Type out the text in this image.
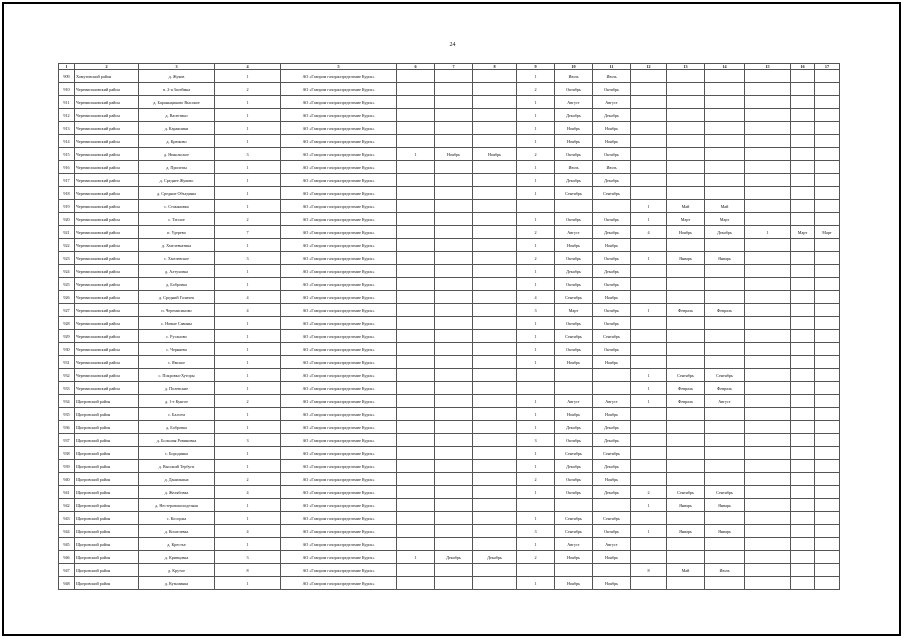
24
1	2	3	4	5	6	7	8	9	10	11	12	13	14	15	16	17
909	Хомутовский район	д. Жуков	1	АО «Газпром газораспределение Курск»				1	Июль	Июль						
910	Черемисиновский район	п. 2-я Засеймка	2	АО «Газпром газораспределение Курск»				2	Октябрь	Октябрь						
911	Черемисиновский район	д. Бараньщиково Высокое	1	АО «Газпром газораспределение Курск»				1	Август	Август						
912	Черемисиновский район	д. Васютино	1	АО «Газпром газораспределение Курск»				1	Декабрь	Декабрь						
913	Черемисиновский район	д. Каракпики	1	АО «Газпром газораспределение Курск»				1	Ноябрь	Ноябрь						
914	Черемисиновский район	д. Крюково	1	АО «Газпром газораспределение Курск»				1	Ноябрь	Ноябрь						
915	Черемисиновский район	д. Никольское	3	АО «Газпром газораспределение Курск»	1	Ноябрь	Ноябрь	2	Октябрь	Октябрь						
916	Черемисиновский район	д. Прилепы	1	АО «Газпром газораспределение Курск»				1	Июль	Июль						
917	Черемисиновский район	д. Среднее Жуково	1	АО «Газпром газораспределение Курск»				1	Декабрь	Декабрь						
918	Черемисиновский район	д. Средние Объедины	1	АО «Газпром газораспределение Курск»				1	Сентябрь	Сентябрь						
919	Черемисиновский район	с. Стакановка	1	АО «Газпром газораспределение Курск»							1	Май	Май			
920	Черемисиновский район	с. Теплое	2	АО «Газпром газораспределение Курск»				1	Октябрь	Октябрь	1	Март	Март			
921	Черемисиновский район	п. Удерево	7	АО «Газпром газораспределение Курск»				2	Август	Декабрь	4	Ноябрь	Декабрь	1	Март	Март
922	Черемисиновский район	д. Хмелевчатика	1	АО «Газпром газораспределение Курск»				1	Ноябрь	Ноябрь						
923	Черемисиновский район	с. Хмелевское	3	АО «Газпром газораспределение Курск»				2	Октябрь	Октябрь	1	Январь	Январь			
924	Черемисиновский район	д. Алтуховка	1	АО «Газпром газораспределение Курск»				1	Декабрь	Декабрь						
925	Черемисиновский район	д. Бобровка	1	АО «Газпром газораспределение Курск»				1	Октябрь	Октябрь						
926	Черемисиновский район	д. Средний Голичек	4	АО «Газпром газораспределение Курск»				4	Сентябрь	Ноябрь						
927	Черемисиновский район	п. Черемисиново	4	АО «Газпром газораспределение Курск»				3	Март	Октябрь	1	Февраль	Февраль			
928	Черемисиновский район	с. Новые Савины	1	АО «Газпром газораспределение Курск»				1	Октябрь	Октябрь						
929	Черемисиновский район	с. Русаново	1	АО «Газпром газораспределение Курск»				1	Сентябрь	Сентябрь						
930	Черемисиновский район	с. Черняева	1	АО «Газпром газораспределение Курск»				1	Октябрь	Октябрь						
931	Черемисиновский район	с. Ямское	1	АО «Газпром газораспределение Курск»				1	Ноябрь	Ноябрь						
932	Черемисиновский район	с. Покровка-Хуторы	1	АО «Газпром газораспределение Курск»							1	Сентябрь	Сентябрь			
933	Черемисиновский район	д. Полевские	1	АО «Газпром газораспределение Курск»							1	Февраль	Февраль			
934	Щигровский район	д. 1-е Кунгое	2	АО «Газпром газораспределение Курск»				1	Август	Август	1	Февраль	Август			
935	Щигровский район	с. Балсем	1	АО «Газпром газораспределение Курск»				1	Ноябрь	Ноябрь						
936	Щигровский район	д. Бобровка	1	АО «Газпром газораспределение Курск»				1	Декабрь	Декабрь						
937	Щигровский район	д. Большая Ровиновка	3	АО «Газпром газораспределение Курск»				3	Октябрь	Декабрь						
938	Щигровский район	с. Бородинка	1	АО «Газпром газораспределение Курск»				1	Сентябрь	Сентябрь						
939	Щигровский район	д. Высокий Тербуги	1	АО «Газпром газораспределение Курск»				1	Декабрь	Декабрь						
940	Щигровский район	д. Данилкина	2	АО «Газпром газораспределение Курск»				2	Октябрь	Ноябрь						
941	Щигровский район	д. Желябовка	4	АО «Газпром газораспределение Курск»				1	Октябрь	Декабрь	2	Сентябрь	Сентябрь			
942	Щигровский район	д. Нестеровоколодезная	1	АО «Газпром газораспределение Курск»							1	Январь	Январь			
943	Щигровский район	с. Косоржа	1	АО «Газпром газораспределение Курск»				1	Сентябрь	Сентябрь						
944	Щигровский район	д. Кошелевка	4	АО «Газпром газораспределение Курск»				3	Сентябрь	Октябрь	1	Январь	Январь			
945	Щигровский район	д. Крестье	1	АО «Газпром газораспределение Курск»				1	Август	Август						
946	Щигровский район	д. Кривцовка	3	АО «Газпром газораспределение Курск»	1	Декабрь	Декабрь	2	Ноябрь	Ноябрь						
947	Щигровский район	д. Крутое	8	АО «Газпром газораспределение Курск»							8	Май	Июль			
948	Щигровский район	д. Кузьминка	1	АО «Газпром газораспределение Курск»				1	Ноябрь	Ноябрь						
